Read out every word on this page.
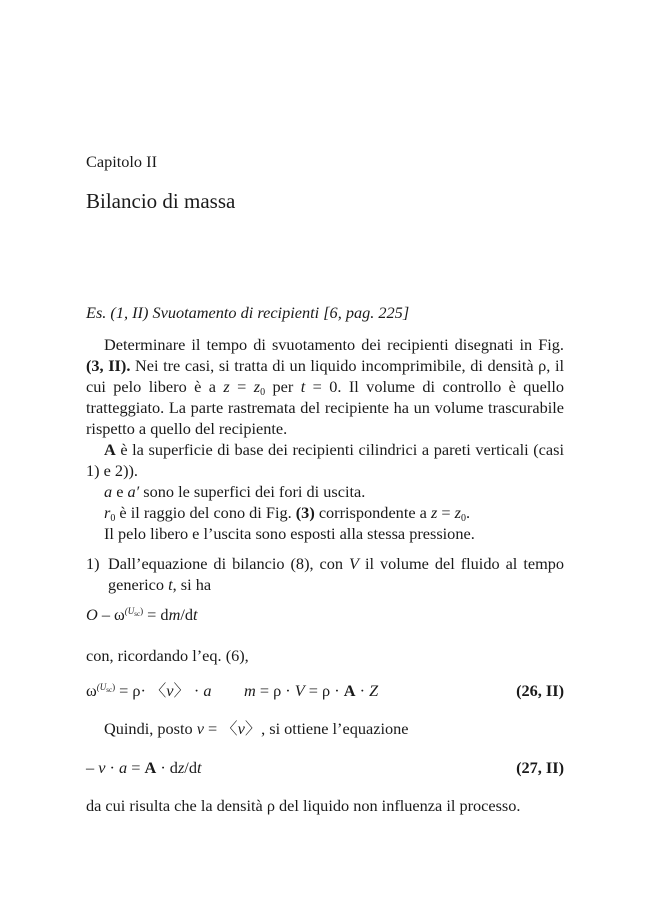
Capitolo II
Bilancio di massa
Es. (1, II) Svuotamento di recipienti [6, pag. 225]
Determinare il tempo di svuotamento dei recipienti disegnati in Fig. (3, II). Nei tre casi, si tratta di un liquido incomprimibile, di densità ρ, il cui pelo libero è a $z = z_0$ per t = 0. Il volume di controllo è quello tratteggiato. La parte rastremata del recipiente ha un volume trascurabile rispetto a quello del recipiente.
A è la superficie di base dei recipienti cilindrici a pareti verticali (casi 1) e 2)).
a e a′ sono le superfici dei fori di uscita.
$r_0$ è il raggio del cono di Fig. (3) corrispondente a $z = z_0$.
Il pelo libero e l’uscita sono esposti alla stessa pressione.
1) Dall’equazione di bilancio (8), con V il volume del fluido al tempo generico t, si ha
$O - \omega^{(U_{sc})} = dm/dt$
con, ricordando l’eq. (6),
(26, II)
$\omega^{(U_{sc})} = \rho\cdot$ 〈v〉 · a m = ρ · V = ρ · A · Z
Quindi, posto v = 〈v〉, si ottiene l’equazione
(27, II)
– v · a = A · dz/dt
da cui risulta che la densità ρ del liquido non influenza il processo.
